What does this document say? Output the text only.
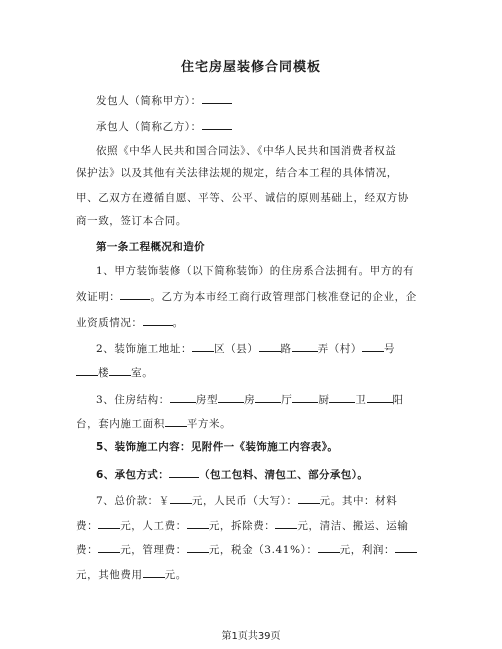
住宅房屋装修合同模板
发包人（简称甲方）：
承包人（简称乙方）：
依照《中华人民共和国合同法》、《中华人民共和国消费者权益
保护法》以及其他有关法律法规的规定，结合本工程的具体情况，
甲、乙双方在遵循自愿、平等、公平、诚信的原则基础上，经双方协
商一致，签订本合同。
第一条工程概况和造价
1、甲方装饰装修（以下简称装饰）的住房系合法拥有。甲方的有
效证明：	。乙方为本市经工商行政管理部门核准登记的企业，企
业资质情况：	。
2、装饰施工地址： 区（县） 路 弄（村） 号
楼 室。
3、住房结构： 房型 房 厅 厨 卫 阳
台，套内施工面积 平方米。
5、装饰施工内容：见附件一《装饰施工内容表》。
6、承包方式：	（包工包料、清包工、部分承包）。
7、总价款：￥ 元，人民币（大写）： 元。其中：材料
费： 元，人工费： 元，拆除费： 元，清洁、搬运、运输
费： 元，管理费： 元，税金（3.41%）： 元，利润：
元，其他费用 元。
第1页共39页
